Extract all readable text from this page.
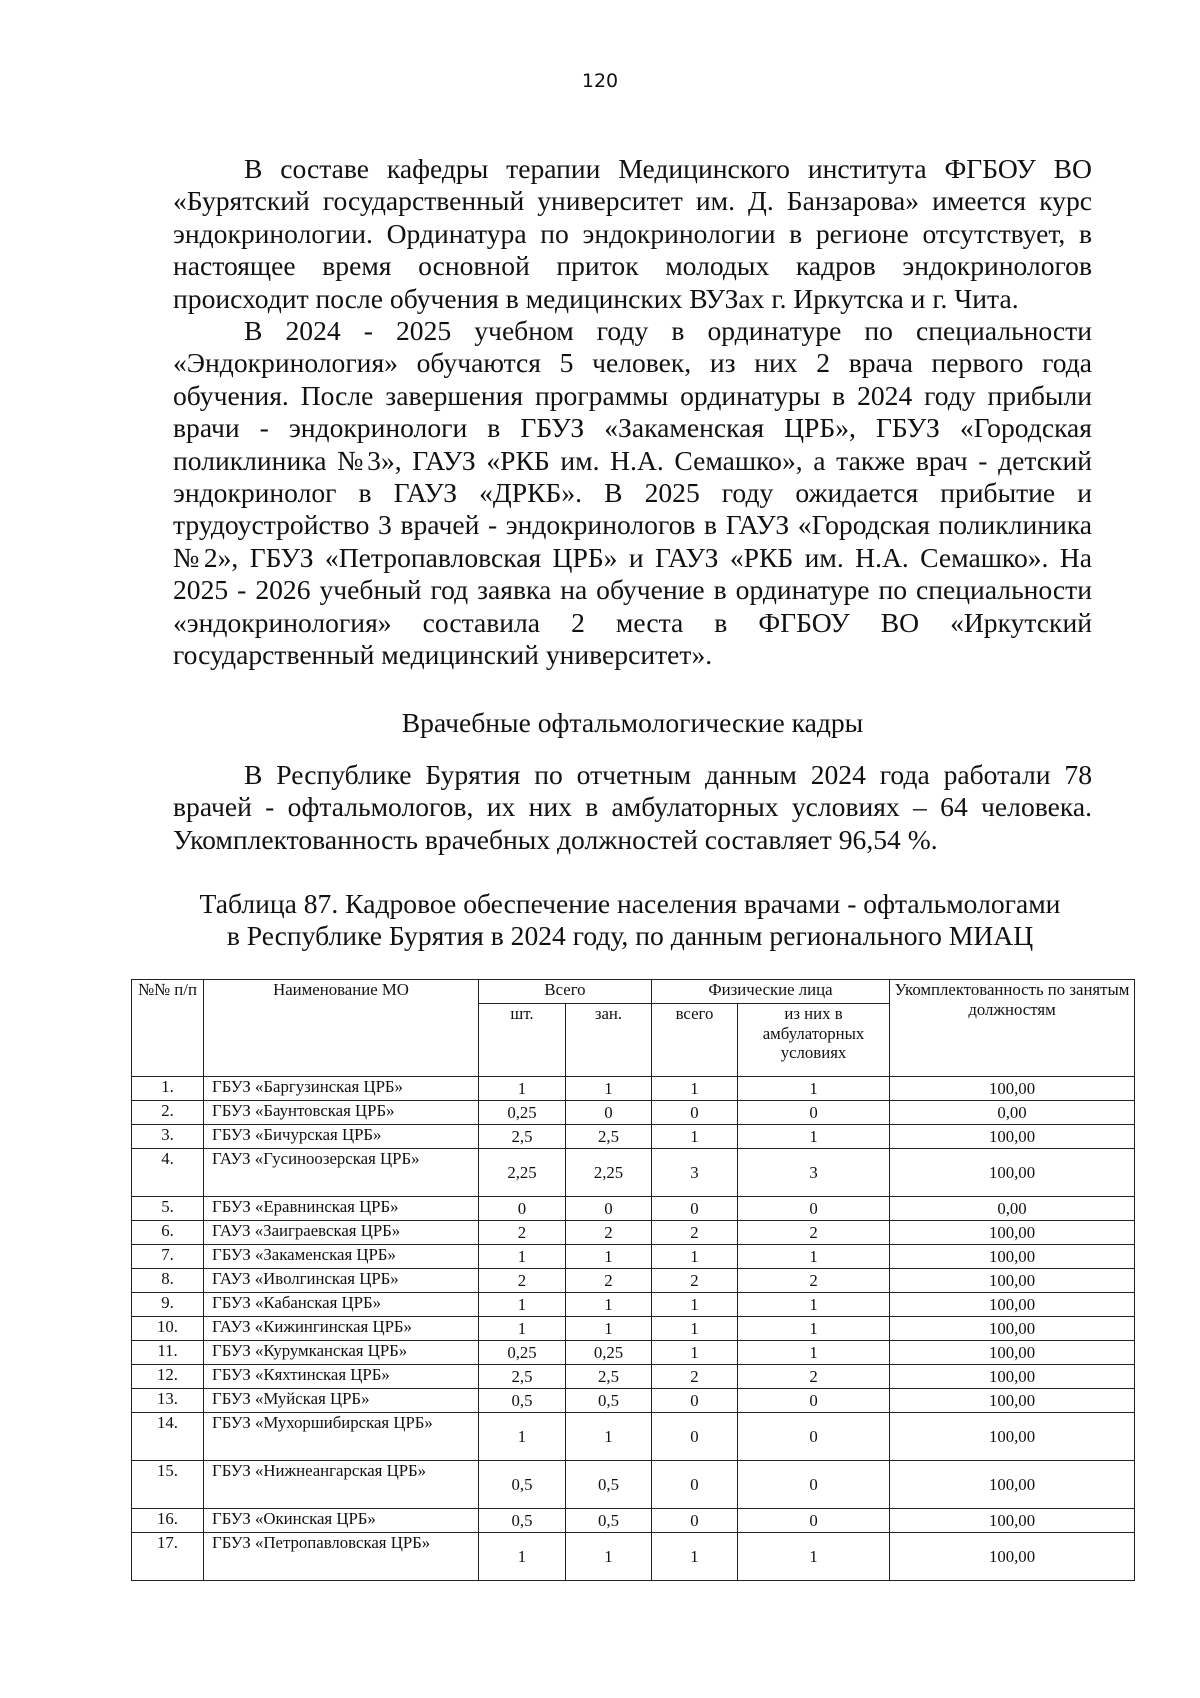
120

В составе кафедры терапии Медицинского института ФГБОУ ВО «Бурятский государственный университет им. Д. Банзарова» имеется курс эндокринологии. Ординатура по эндокринологии в регионе отсутствует, в настоящее время основной приток молодых кадров эндокринологов происходит после обучения в медицинских ВУЗах г. Иркутска и г. Чита.

В 2024 - 2025 учебном году в ординатуре по специальности «Эндокринология» обучаются 5 человек, из них 2 врача первого года обучения. После завершения программы ординатуры в 2024 году прибыли врачи - эндокринологи в ГБУЗ «Закаменская ЦРБ», ГБУЗ «Городская поликлиника №3», ГАУЗ «РКБ им. Н.А. Семашко», а также врач - детский эндокринолог в ГАУЗ «ДРКБ». В 2025 году ожидается прибытие и трудоустройство 3 врачей - эндокринологов в ГАУЗ «Городская поликлиника №2», ГБУЗ «Петропавловская ЦРБ» и ГАУЗ «РКБ им. Н.А. Семашко». На 2025 - 2026 учебный год заявка на обучение в ординатуре по специальности «эндокринология» составила 2 места в ФГБОУ ВО «Иркутский государственный медицинский университет».

Врачебные офтальмологические кадры

В Республике Бурятия по отчетным данным 2024 года работали 78 врачей - офтальмологов, их них в амбулаторных условиях – 64 человека. Укомплектованность врачебных должностей составляет 96,54 %.

Таблица 87. Кадровое обеспечение населения врачами - офтальмологами
в Республике Бурятия в 2024 году, по данным регионального МИАЦ
№№ п/п	Наименование МО	Всего		Физические лица		Укомплектованность по занятым должностям
		шт.	зан.	всего	из них в амбулаторных условиях	
1.	ГБУЗ «Баргузинская ЦРБ»	1	1	1	1	100,00
2.	ГБУЗ «Баунтовская ЦРБ»	0,25	0	0	0	0,00
3.	ГБУЗ «Бичурская ЦРБ»	2,5	2,5	1	1	100,00
4.	ГАУЗ «Гусиноозерская ЦРБ»	2,25	2,25	3	3	100,00
5.	ГБУЗ «Еравнинская ЦРБ»	0	0	0	0	0,00
6.	ГАУЗ «Заиграевская ЦРБ»	2	2	2	2	100,00
7.	ГБУЗ «Закаменская ЦРБ»	1	1	1	1	100,00
8.	ГАУЗ «Иволгинская ЦРБ»	2	2	2	2	100,00
9.	ГБУЗ «Кабанская ЦРБ»	1	1	1	1	100,00
10.	ГАУЗ «Кижингинская ЦРБ»	1	1	1	1	100,00
11.	ГБУЗ «Курумканская ЦРБ»	0,25	0,25	1	1	100,00
12.	ГБУЗ «Кяхтинская ЦРБ»	2,5	2,5	2	2	100,00
13.	ГБУЗ «Муйская ЦРБ»	0,5	0,5	0	0	100,00
14.	ГБУЗ «Мухоршибирская ЦРБ»	1	1	0	0	100,00
15.	ГБУЗ «Нижнеангарская ЦРБ»	0,5	0,5	0	0	100,00
16.	ГБУЗ «Окинская ЦРБ»	0,5	0,5	0	0	100,00
17.	ГБУЗ «Петропавловская ЦРБ»	1	1	1	1	100,00
